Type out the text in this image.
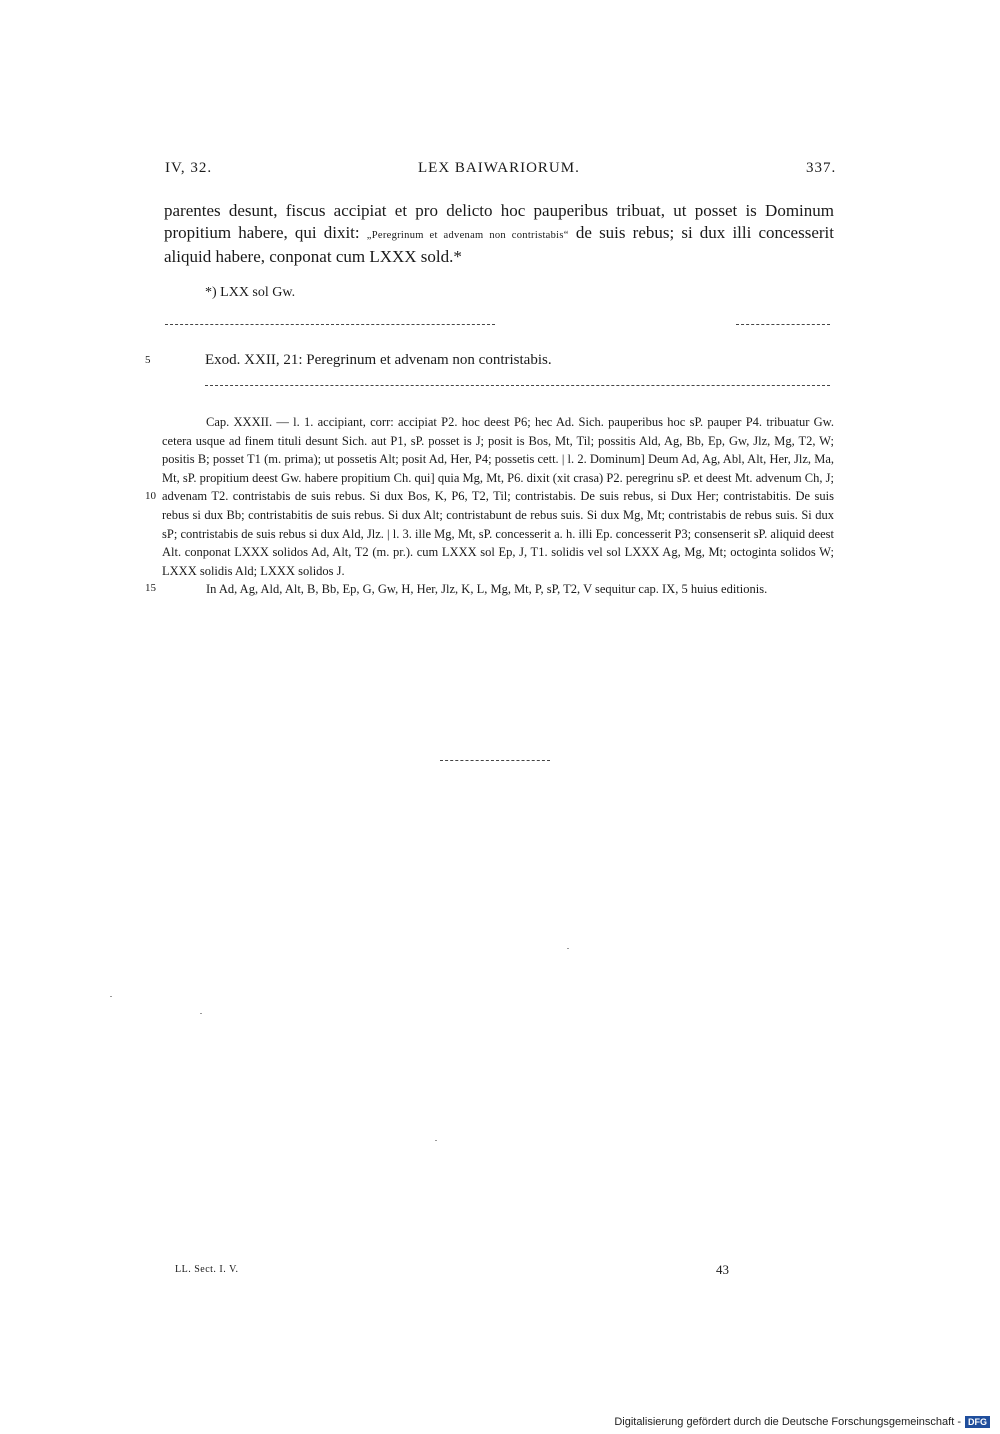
IV, 32.	LEX BAIWARIORUM.	337.
parentes desunt, fiscus accipiat et pro delicto hoc pauperibus tribuat, ut posset is Dominum propitium habere, qui dixit: „Peregrinum et advenam non contristabis“ de suis rebus; si dux illi concesserit aliquid habere, conponat cum LXXX sold.*
*) LXX sol Gw.
5	Exod. XXII, 21: Peregrinum et advenam non contristabis.
10
15

Cap. XXXII. — l. 1. accipiant, corr: accipiat P2. hoc deest P6; hec Ad. Sich. pauperibus hoc sP. pauper P4. tribuatur Gw. cetera usque ad finem tituli desunt Sich. aut P1, sP. posset is J; posit is Bos, Mt, Til; possitis Ald, Ag, Bb, Ep, Gw, Jlz, Mg, T2, W; positis B; posset T1 (m. prima); ut possetis Alt; posit Ad, Her, P4; possetis cett. | l. 2. Dominum] Deum Ad, Ag, Abl, Alt, Her, Jlz, Ma, Mt, sP. propitium deest Gw. habere propitium Ch. qui] quia Mg, Mt, P6. dixit (xit crasa) P2. peregrinu sP. et deest Mt. advenum Ch, J; advenam T2. contristabis de suis rebus. Si dux Bos, K, P6, T2, Til; contristabis. De suis rebus, si Dux Her; contristabitis. De suis rebus si dux Bb; contristabitis de suis rebus. Si dux Alt; contristabunt de rebus suis. Si dux Mg, Mt; contristabis de rebus suis. Si dux sP; contristabis de suis rebus si dux Ald, Jlz. | l. 3. ille Mg, Mt, sP. concesserit a. h. illi Ep. concesserit P3; consenserit sP. aliquid deest Alt. conponat LXXX solidos Ad, Alt, T2 (m. pr.). cum LXXX sol Ep, J, T1. solidis vel sol LXXX Ag, Mg, Mt; octoginta solidos W; LXXX solidis Ald; LXXX solidos J.

In Ad, Ag, Ald, Alt, B, Bb, Ep, G, Gw, H, Her, Jlz, K, L, Mg, Mt, P, sP, T2, V sequitur cap. IX, 5 huius editionis.

LL. Sect. I. V.	43
Digitalisierung gefördert durch die Deutsche Forschungsgemeinschaft - DFG
